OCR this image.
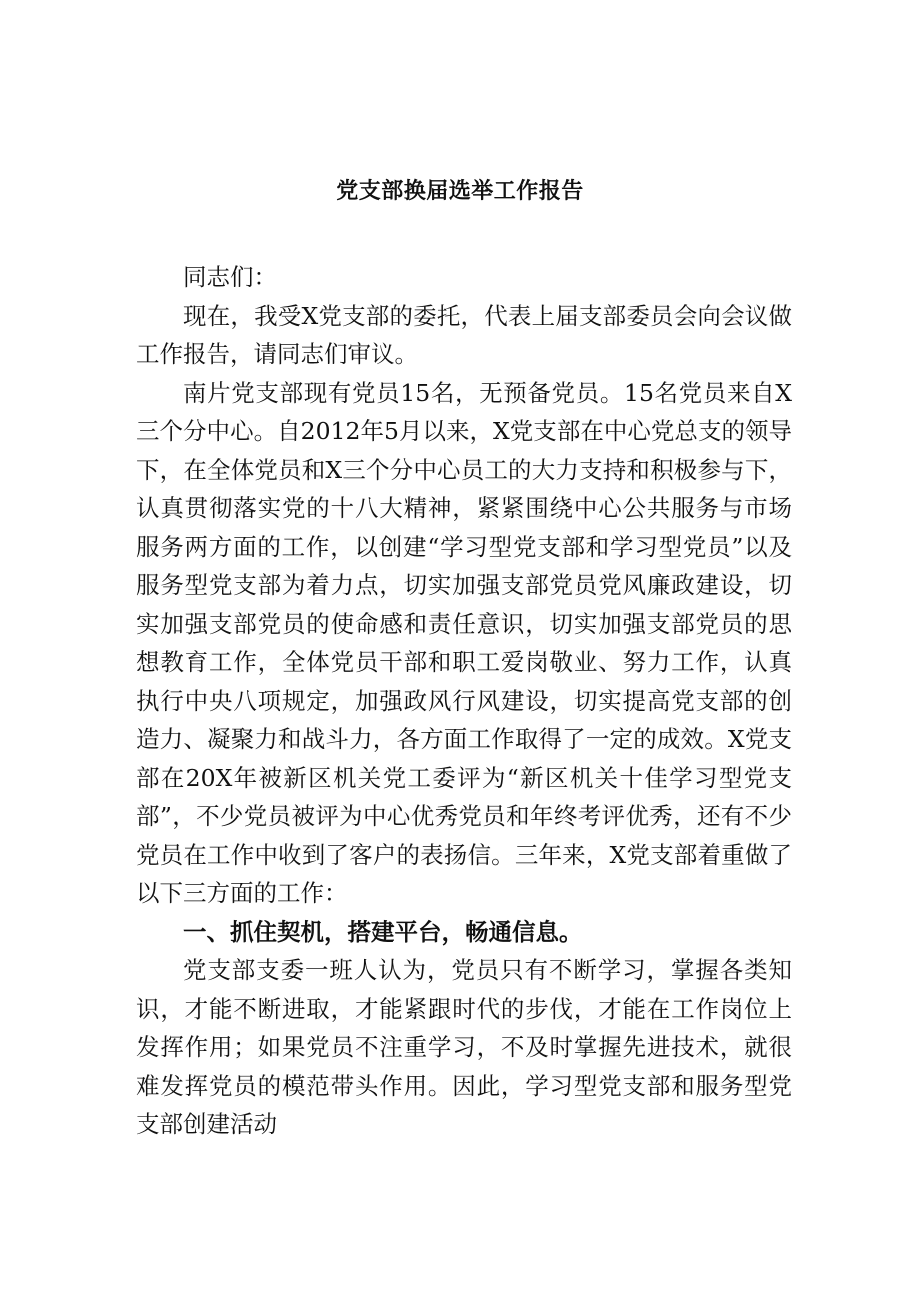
党支部换届选举工作报告

同志们：

现在，我受X党支部的委托，代表上届支部委员会向会议做工作报告，请同志们审议。

南片党支部现有党员15名，无预备党员。15名党员来自X三个分中心。自2012年5月以来，X党支部在中心党总支的领导下，在全体党员和X三个分中心员工的大力支持和积极参与下，认真贯彻落实党的十八大精神，紧紧围绕中心公共服务与市场服务两方面的工作，以创建“学习型党支部和学习型党员”以及服务型党支部为着力点，切实加强支部党员党风廉政建设，切实加强支部党员的使命感和责任意识，切实加强支部党员的思想教育工作，全体党员干部和职工爱岗敬业、努力工作，认真执行中央八项规定，加强政风行风建设，切实提高党支部的创造力、凝聚力和战斗力，各方面工作取得了一定的成效。X党支部在20X年被新区机关党工委评为“新区机关十佳学习型党支部”，不少党员被评为中心优秀党员和年终考评优秀，还有不少党员在工作中收到了客户的表扬信。三年来，X党支部着重做了以下三方面的工作：

一、抓住契机，搭建平台，畅通信息。

党支部支委一班人认为，党员只有不断学习，掌握各类知识，才能不断进取，才能紧跟时代的步伐，才能在工作岗位上发挥作用；如果党员不注重学习，不及时掌握先进技术，就很难发挥党员的模范带头作用。因此，学习型党支部和服务型党支部创建活动
